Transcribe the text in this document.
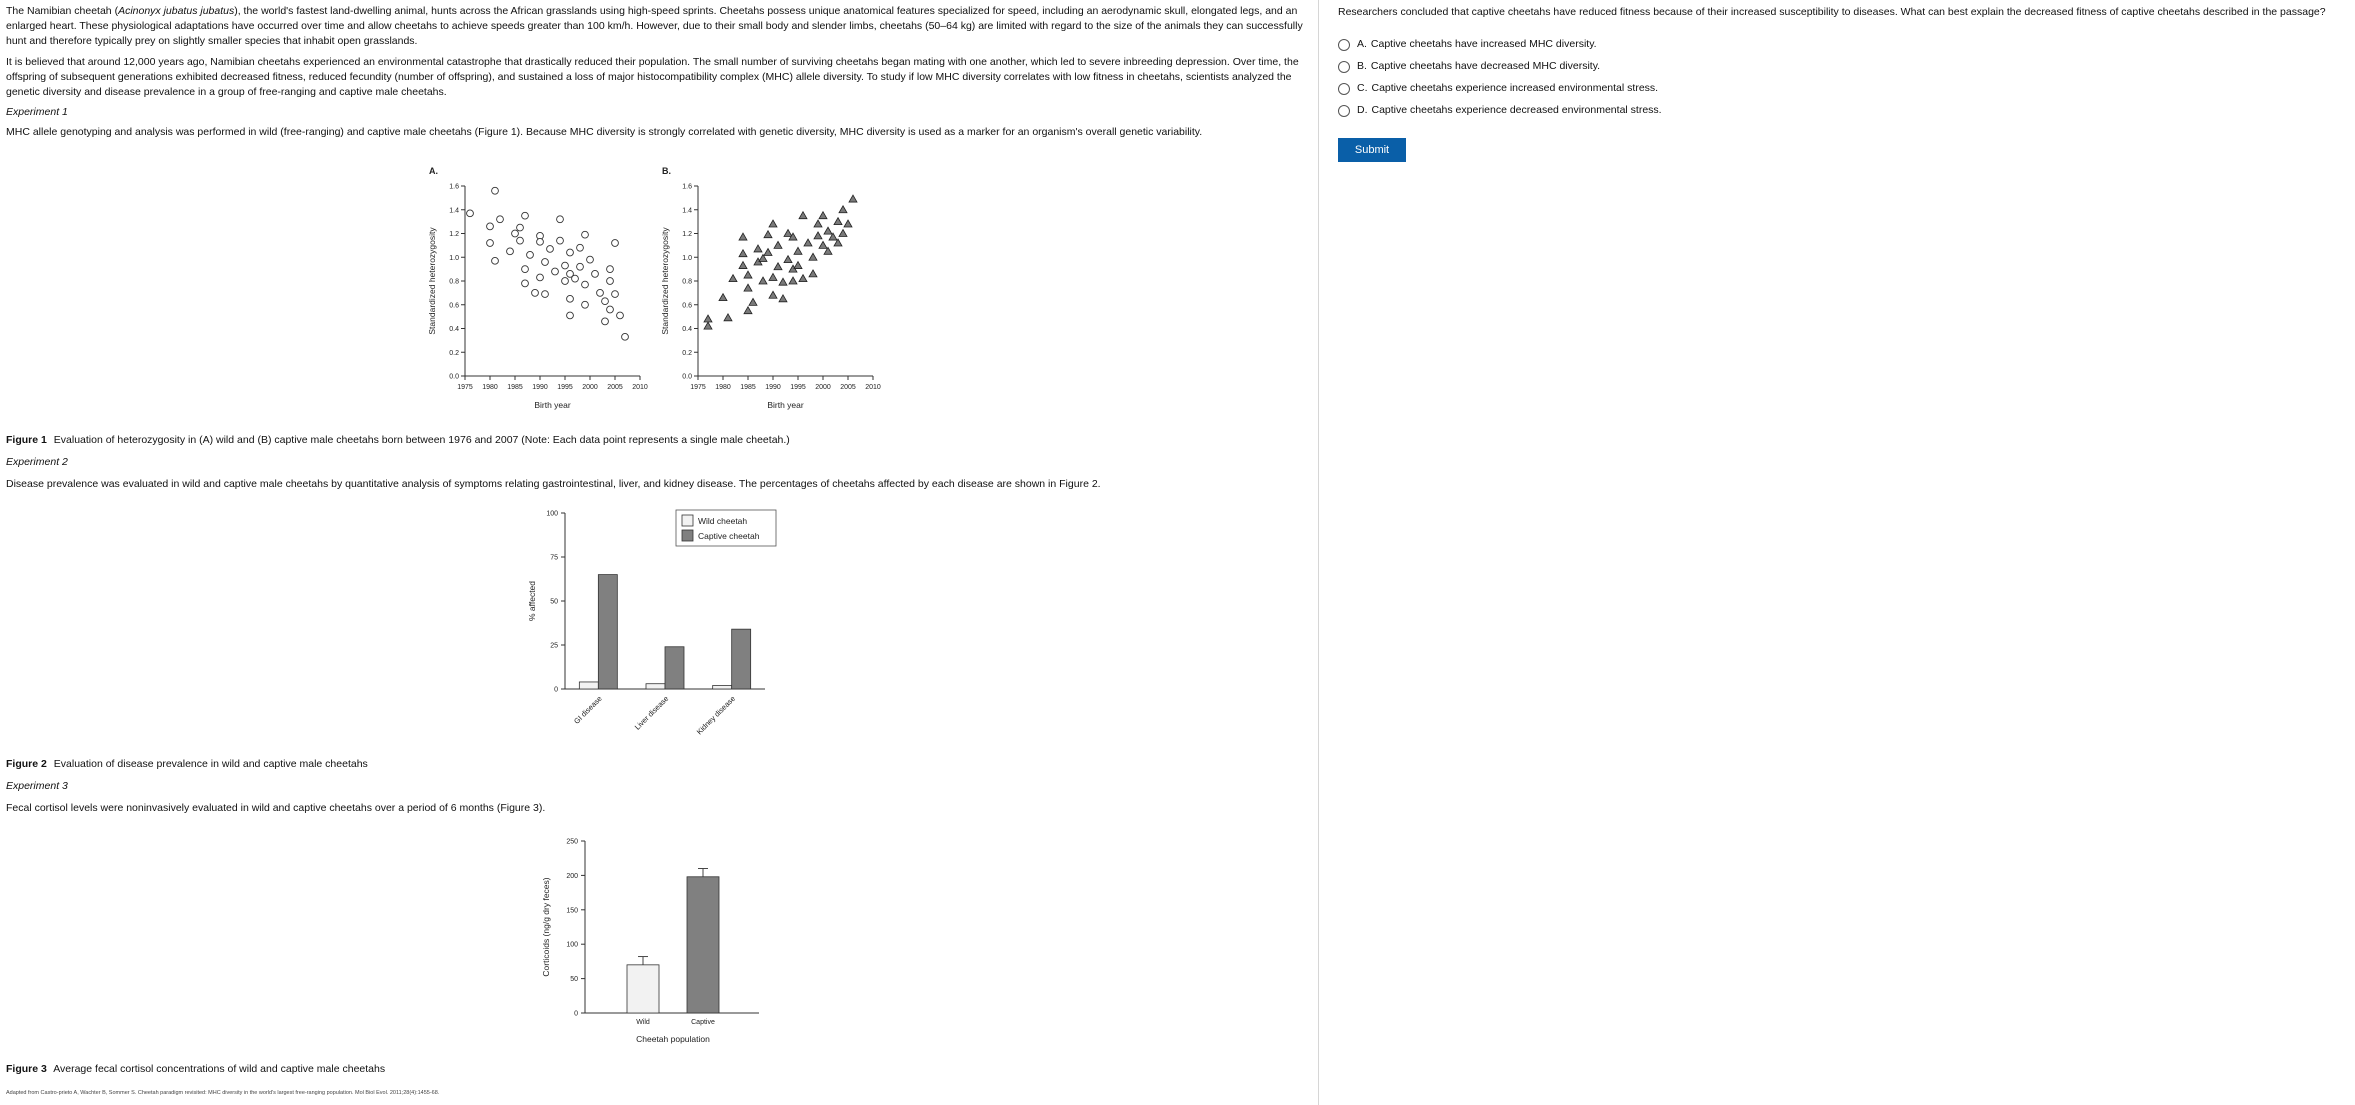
The Namibian cheetah (Acinonyx jubatus jubatus), the world's fastest land-dwelling animal, hunts across the African grasslands using high-speed sprints. Cheetahs possess unique anatomical features specialized for speed, including an aerodynamic skull, elongated legs, and an enlarged heart. These physiological adaptations have occurred over time and allow cheetahs to achieve speeds greater than 100 km/h. However, due to their small body and slender limbs, cheetahs (50–64 kg) are limited with regard to the size of the animals they can successfully hunt and therefore typically prey on slightly smaller species that inhabit open grasslands.

It is believed that around 12,000 years ago, Namibian cheetahs experienced an environmental catastrophe that drastically reduced their population. The small number of surviving cheetahs began mating with one another, which led to severe inbreeding depression. Over time, the offspring of subsequent generations exhibited decreased fitness, reduced fecundity (number of offspring), and sustained a loss of major histocompatibility complex (MHC) allele diversity. To study if low MHC diversity correlates with low fitness in cheetahs, scientists analyzed the genetic diversity and disease prevalence in a group of free-ranging and captive male cheetahs.

Experiment 1

MHC allele genotyping and analysis was performed in wild (free-ranging) and captive male cheetahs (Figure 1). Because MHC diversity is strongly correlated with genetic diversity, MHC diversity is used as a marker for an organism's overall genetic variability.

A.
0.0
0.2
0.4
0.6
0.8
1.0
1.2
1.4
1.6
1975 1980 1985 1990 1995 2000 2005 2010
Birth year
Standardized heterozygosity
B.
0.0
0.2
0.4
0.6
0.8
1.0
1.2
1.4
1.6
1975 1980 1985 1990 1995 2000 2005 2010
Birth year
Standardized heterozygosity

Figure 1 Evaluation of heterozygosity in (A) wild and (B) captive male cheetahs born between 1976 and 2007 (Note: Each data point represents a single male cheetah.)

Experiment 2

Disease prevalence was evaluated in wild and captive male cheetahs by quantitative analysis of symptoms relating gastrointestinal, liver, and kidney disease. The percentages of cheetahs affected by each disease are shown in Figure 2.

0
25
50
75
100
% affected
GI disease	Liver disease	Kidney disease
Wild cheetah
Captive cheetah

Figure 2 Evaluation of disease prevalence in wild and captive male cheetahs

Experiment 3

Fecal cortisol levels were noninvasively evaluated in wild and captive cheetahs over a period of 6 months (Figure 3).

0
50
100
150
200
250
Corticoids (ng/g dry feces)
Wild	Captive
Cheetah population

Figure 3 Average fecal cortisol concentrations of wild and captive male cheetahs

Adapted from Castro-prieto A, Wachter B, Sommer S. Cheetah paradigm revisited: MHC diversity in the world's largest free-ranging population. Mol Biol Evol. 2011;28(4):1455-68.

Researchers concluded that captive cheetahs have reduced fitness because of their increased susceptibility to diseases. What can best explain the decreased fitness of captive cheetahs described in the passage?

A. Captive cheetahs have increased MHC diversity.
B. Captive cheetahs have decreased MHC diversity.
C. Captive cheetahs experience increased environmental stress.
D. Captive cheetahs experience decreased environmental stress.
Submit
